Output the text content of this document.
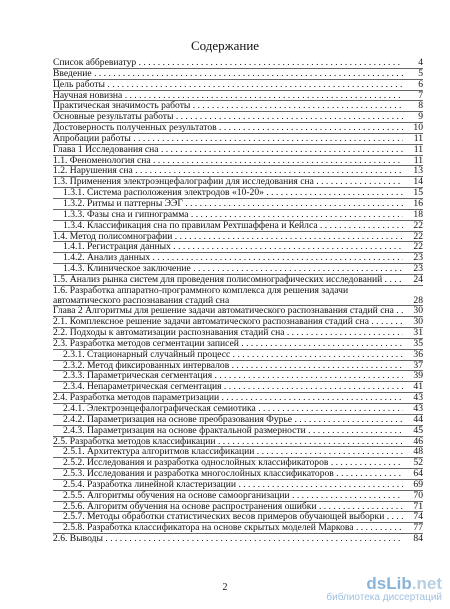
Содержание
Список аббревиатур . . .	4
Введение . . .	5
Цель работы . . .	6
Научная новизна . . .	7
Практическая значимость работы . . .	8
Основные результаты работы . . .	9
Достоверность полученных результатов . . .	10
Апробации работы . . .	11
Глава 1 Исследования сна . . .	11
1.1. Феноменология сна . . .	11
1.2. Нарушения сна . . .	13
1.3. Применения электроэнцефалографии для исследования сна . . .	14
1.3.1. Система расположения электродов «10-20» . . .	15
1.3.2. Ритмы и паттерны ЭЭГ . . .	16
1.3.3. Фазы сна и гипнограмма . . .	18
1.3.4. Классификация сна по правилам Рехтшаффена и Кейлса . . .	22
1.4. Метод полисомнографии . . .	22
1.4.1. Регистрация данных . . .	22
1.4.2. Анализ данных . . .	23
1.4.3. Клиническое заключение . . .	23
1.5. Анализ рынка систем для проведения полисомнографических исследований . . .	24
1.6. Разработка аппаратно-программного комплекса для решения задачи автоматического распознавания стадий сна	28
Глава 2 Алгоритмы для решение задачи автоматического распознавания стадий сна . . .	30
2.1. Комплексное решение задачи автоматического распознавания стадий сна . . .	30
2.2. Подходы к автоматизации распознавания стадий сна . . .	31
2.3. Разработка методов сегментации записей . . .	35
2.3.1. Стационарный случайный процесс . . .	36
2.3.2. Метод фиксированных интервалов . . .	37
2.3.3. Параметрическая сегментация . . .	39
2.3.4. Непараметрическая сегментация . . .	41
2.4. Разработка методов параметризации . . .	43
2.4.1. Электроэнцефалографическая семиотика . . .	43
2.4.2. Параметризация на основе преобразования Фурье . . .	44
2.4.3. Параметризация на основе фрактальной размерности . . .	45
2.5. Разработка методов классификации . . .	46
2.5.1. Архитектура алгоритмов классификации . . .	48
2.5.2. Исследования и разработка одноcлойных классификаторов . . .	52
2.5.3. Исследования и разработка многослойных классификаторов . . .	64
2.5.4. Разработка линейной кластеризации . . .	69
2.5.5. Алгоритмы обучения на основе самоорганизации . . .	70
2.5.6. Алгоритм обучения на основе распространения ошибки . . .	71
2.5.7. Методы обработки статистических весов примеров обучающей выборки . . .	74
2.5.8. Разработка классификатора на основе скрытых моделей Маркова . . .	77
2.6. Выводы . . .	84
2	dsLib.net
библиотека диссертаций
